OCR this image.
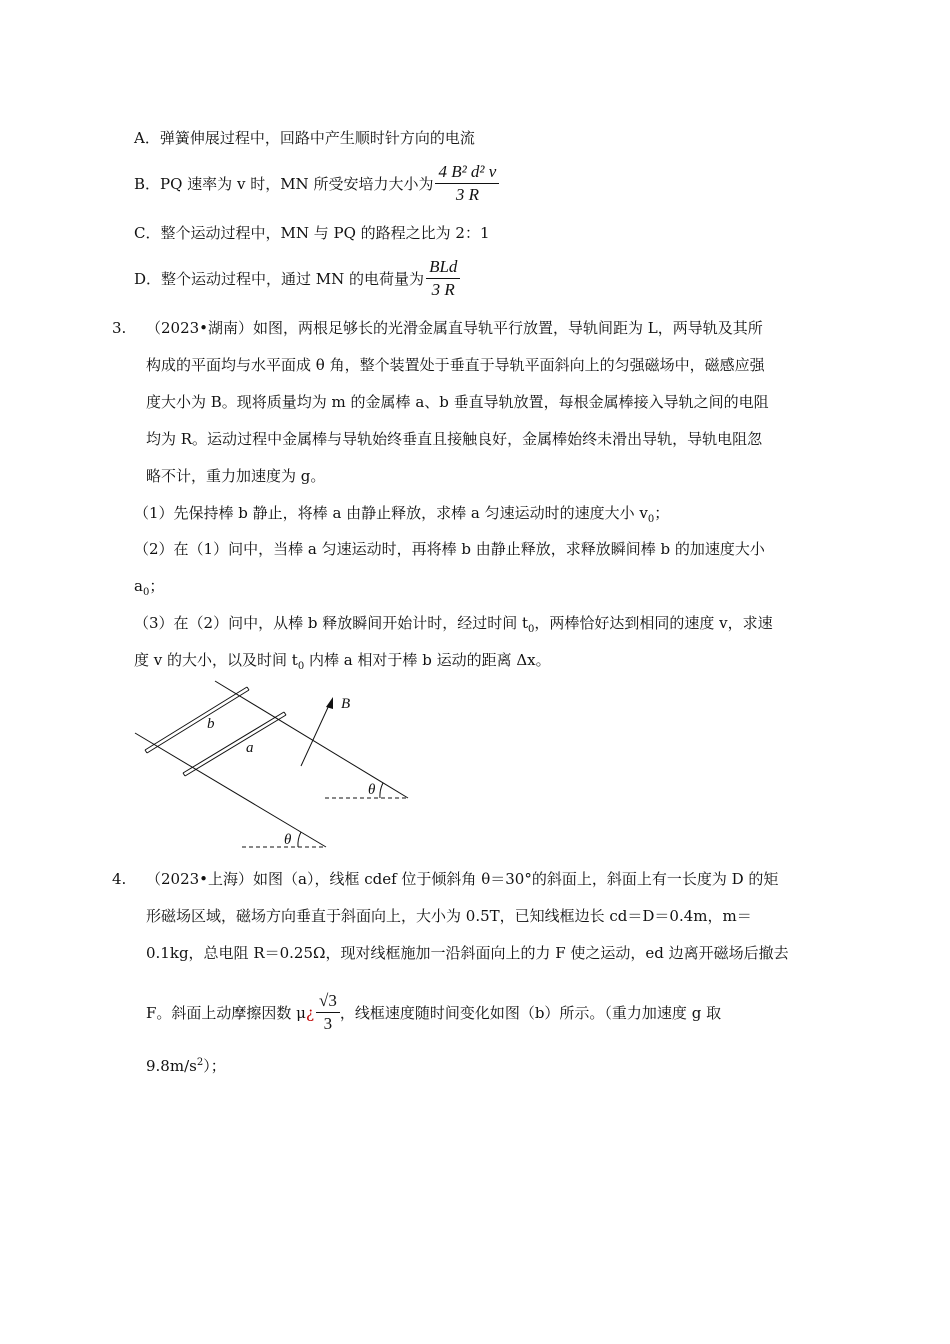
A．弹簧伸展过程中，回路中产生顺时针方向的电流
B．PQ 速率为 v 时，MN 所受安培力大小为 $\frac{\text{4 B² d² v}}{3 R}$
C．整个运动过程中，MN 与 PQ 的路程之比为 2：1
D．整个运动过程中，通过 MN 的电荷量为 $\frac{\text{BLd}}{3 R}$
3. （2023•湖南）如图，两根足够长的光滑金属直导轨平行放置，导轨间距为 L，两导轨及其所
构成的平面均与水平面成 θ 角，整个装置处于垂直于导轨平面斜向上的匀强磁场中，磁感应强
度大小为 B。现将质量均为 m 的金属棒 a、b 垂直导轨放置，每根金属棒接入导轨之间的电阻
均为 R。运动过程中金属棒与导轨始终垂直且接触良好，金属棒始终未滑出导轨，导轨电阻忽
略不计，重力加速度为 g。
（1）先保持棒 b 静止，将棒 a 由静止释放，求棒 a 匀速运动时的速度大小 $v_0$；
（2）在（1）问中，当棒 a 匀速运动时，再将棒 b 由静止释放，求释放瞬间棒 b 的加速度大小
$a_0$；
（3）在（2）问中，从棒 b 释放瞬间开始计时，经过时间 $t_0$，两棒恰好达到相同的速度 v，求速
度 v 的大小，以及时间 $t_0$ 内棒 a 相对于棒 b 运动的距离 Δx。
b
a
B
θ
θ
4. （2023•上海）如图（a），线框 cdef 位于倾斜角 θ＝30°的斜面上，斜面上有一长度为 D 的矩
形磁场区域，磁场方向垂直于斜面向上，大小为 0.5T，已知线框边长 cd＝D＝0.4m，m＝
0.1kg，总电阻 R＝0.25Ω，现对线框施加一沿斜面向上的力 F 使之运动，ed 边离开磁场后撤去
F。斜面上动摩擦因数 μ ¿ $\frac{√3}{3}$ ，线框速度随时间变化如图（b）所示。（重力加速度 g 取
$9.8m/s^2$）；
